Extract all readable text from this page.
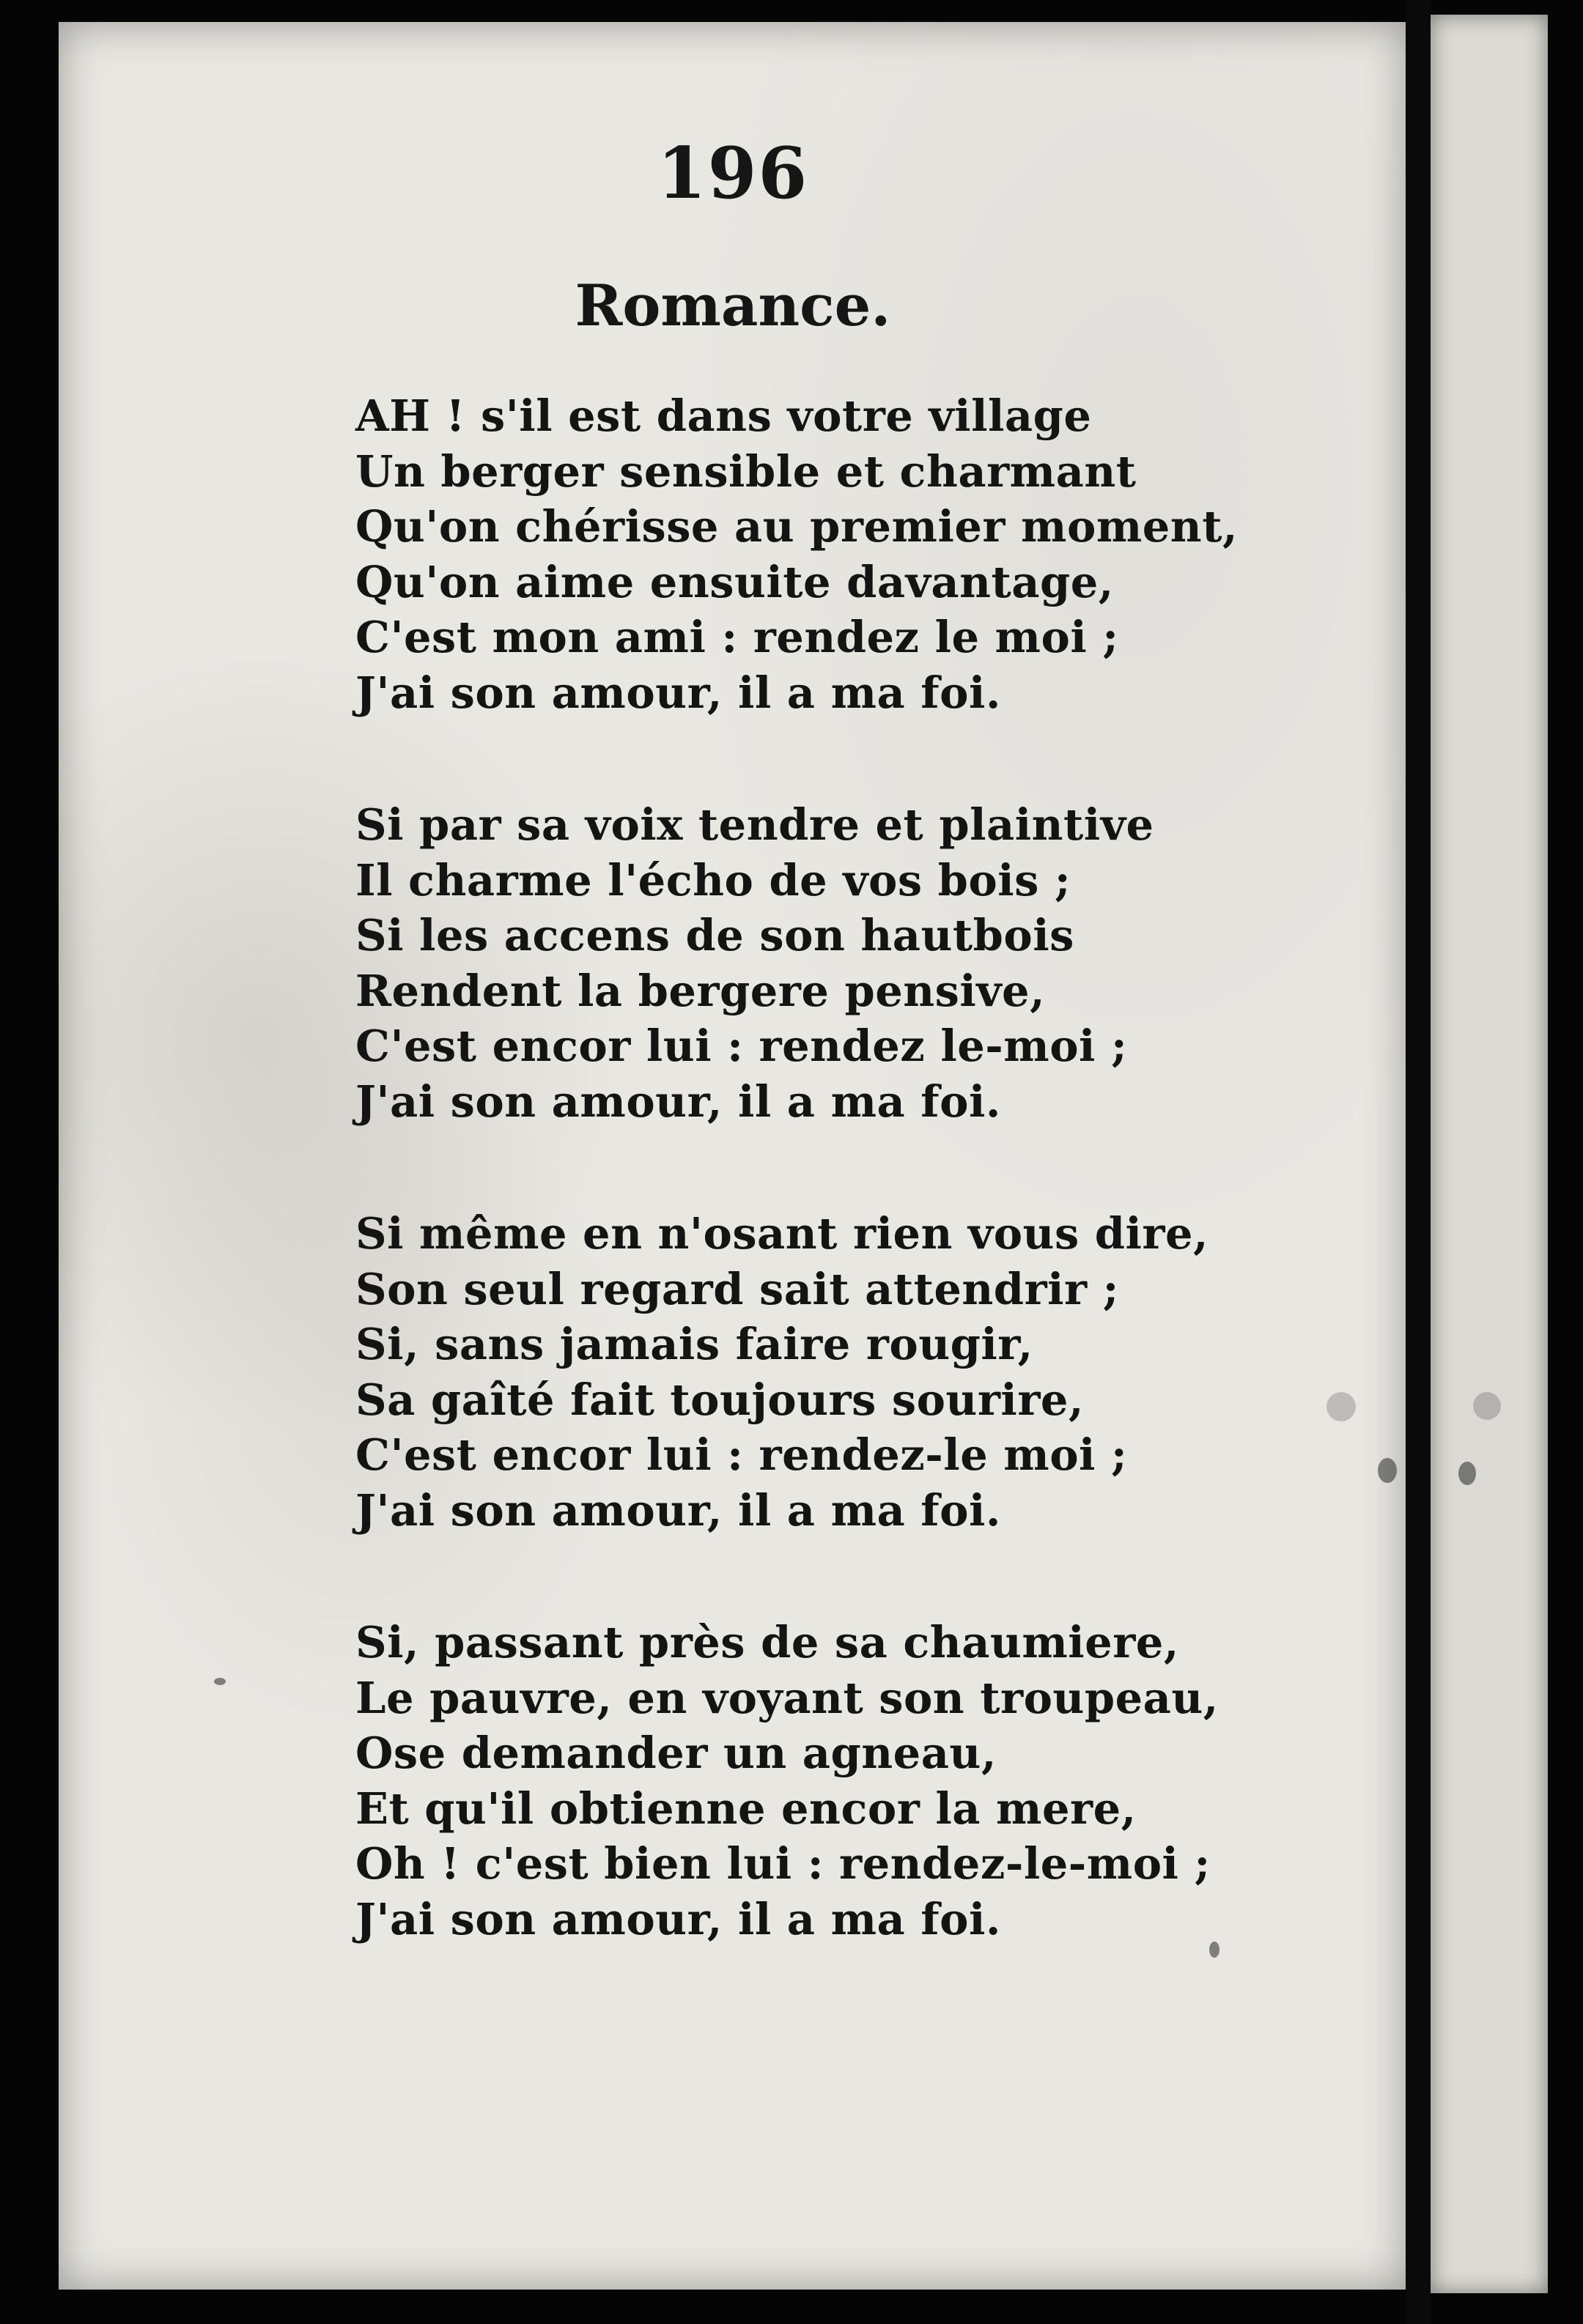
196
Romance.
AH ! s'il est dans votre village
Un berger sensible et charmant
Qu'on chérisse au premier moment,
Qu'on aime ensuite davantage,
C'est mon ami : rendez le moi ;
J'ai son amour, il a ma foi.
Si par sa voix tendre et plaintive
Il charme l'écho de vos bois ;
Si les accens de son hautbois
Rendent la bergere pensive,
C'est encor lui : rendez le-moi ;
J'ai son amour, il a ma foi.
Si même en n'osant rien vous dire,
Son seul regard sait attendrir ;
Si, sans jamais faire rougir,
Sa gaîté fait toujours sourire,
C'est encor lui : rendez-le moi ;
J'ai son amour, il a ma foi.
Si, passant près de sa chaumiere,
Le pauvre, en voyant son troupeau,
Ose demander un agneau,
Et qu'il obtienne encor la mere,
Oh ! c'est bien lui : rendez-le-moi ;
J'ai son amour, il a ma foi.
